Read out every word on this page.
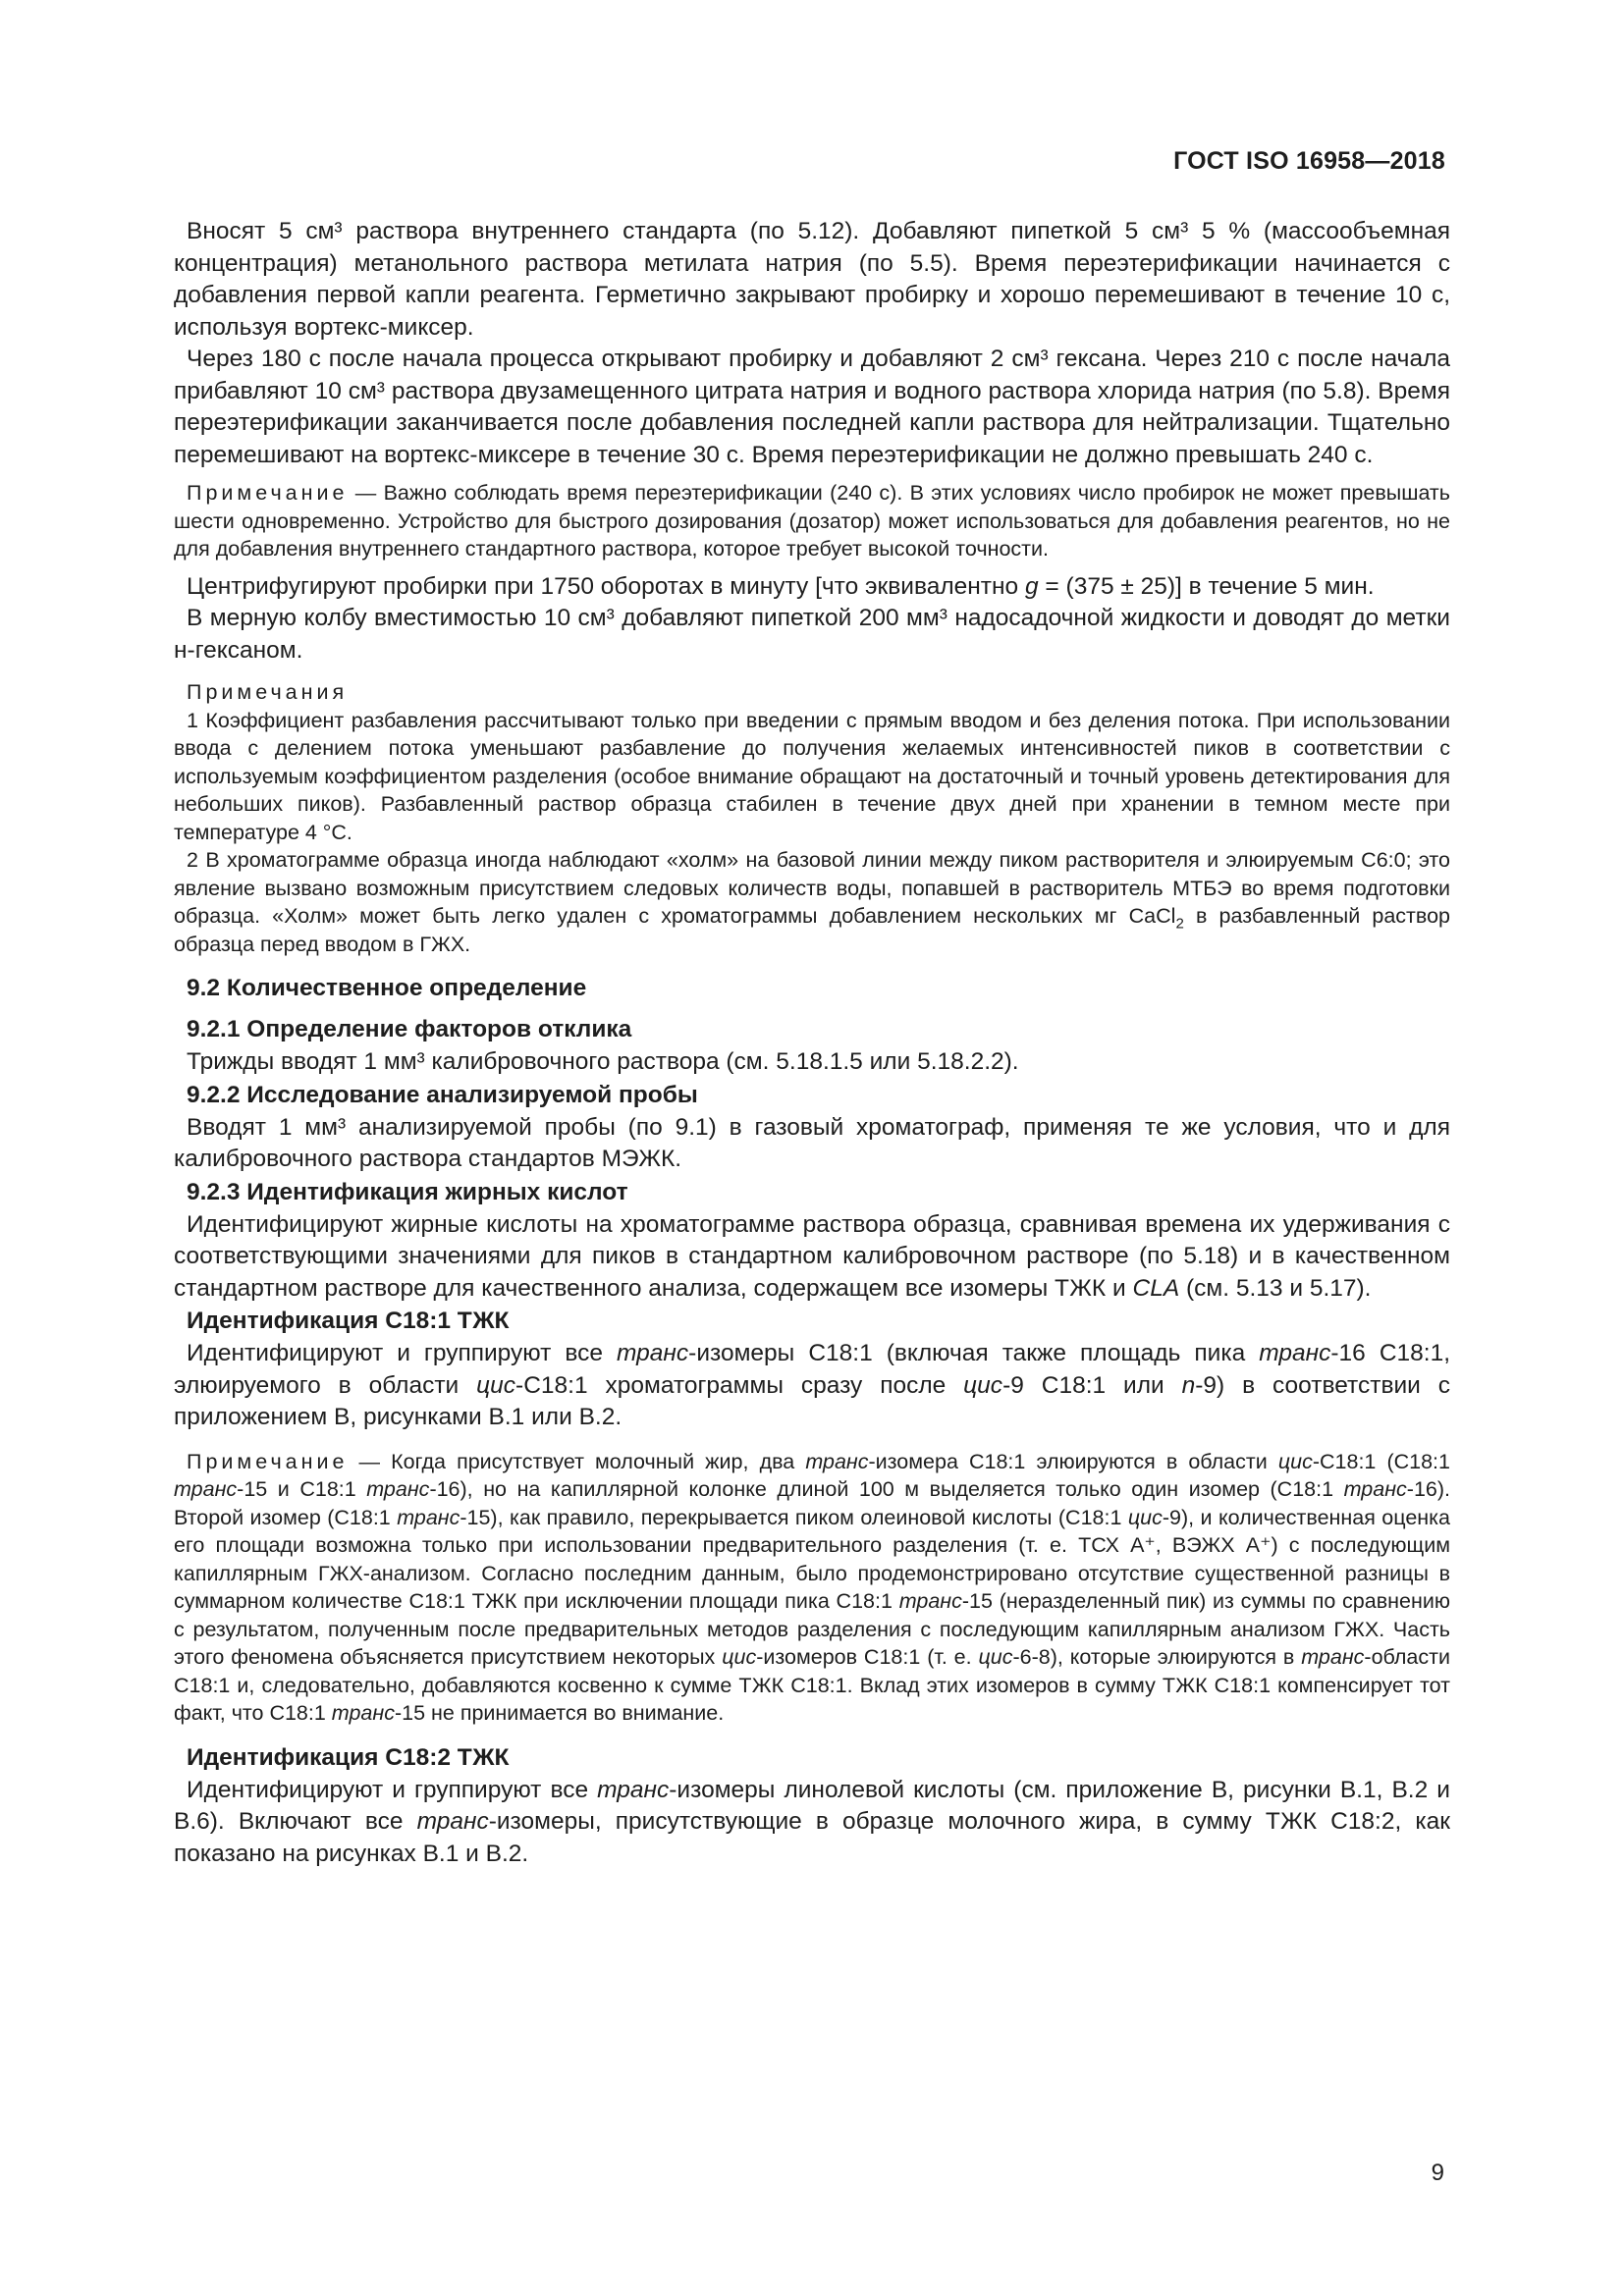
ГОСТ ISO 16958—2018

Вносят 5 см³ раствора внутреннего стандарта (по 5.12). Добавляют пипеткой 5 см³ 5 % (массообъемная концентрация) метанольного раствора метилата натрия (по 5.5). Время переэтерификации начинается с добавления первой капли реагента. Герметично закрывают пробирку и хорошо перемешивают в течение 10 с, используя вортекс-миксер.

Через 180 с после начала процесса открывают пробирку и добавляют 2 см³ гексана. Через 210 с после начала прибавляют 10 см³ раствора двузамещенного цитрата натрия и водного раствора хлорида натрия (по 5.8). Время переэтерификации заканчивается после добавления последней капли раствора для нейтрализации. Тщательно перемешивают на вортекс-миксере в течение 30 с. Время переэтерификации не должно превышать 240 с.

Примечание — Важно соблюдать время переэтерификации (240 с). В этих условиях число пробирок не может превышать шести одновременно. Устройство для быстрого дозирования (дозатор) может использоваться для добавления реагентов, но не для добавления внутреннего стандартного раствора, которое требует высокой точности.

Центрифугируют пробирки при 1750 оборотах в минуту [что эквивалентно g = (375 ± 25)] в течение 5 мин.

В мерную колбу вместимостью 10 см³ добавляют пипеткой 200 мм³ надосадочной жидкости и доводят до метки н-гексаном.

Примечания

1 Коэффициент разбавления рассчитывают только при введении с прямым вводом и без деления потока. При использовании ввода с делением потока уменьшают разбавление до получения желаемых интенсивностей пиков в соответствии с используемым коэффициентом разделения (особое внимание обращают на достаточный и точный уровень детектирования для небольших пиков). Разбавленный раствор образца стабилен в течение двух дней при хранении в темном месте при температуре 4 °С.

2 В хроматограмме образца иногда наблюдают «холм» на базовой линии между пиком растворителя и элюируемым С6:0; это явление вызвано возможным присутствием следовых количеств воды, попавшей в растворитель МТБЭ во время подготовки образца. «Холм» может быть легко удален с хроматограммы добавлением нескольких мг CaCl$_2$ в разбавленный раствор образца перед вводом в ГЖХ.

9.2 Количественное определение
9.2.1 Определение факторов отклика

Трижды вводят 1 мм³ калибровочного раствора (см. 5.18.1.5 или 5.18.2.2).

9.2.2 Исследование анализируемой пробы

Вводят 1 мм³ анализируемой пробы (по 9.1) в газовый хроматограф, применяя те же условия, что и для калибровочного раствора стандартов МЭЖК.

9.2.3 Идентификация жирных кислот

Идентифицируют жирные кислоты на хроматограмме раствора образца, сравнивая времена их удерживания с соответствующими значениями для пиков в стандартном калибровочном растворе (по 5.18) и в качественном стандартном растворе для качественного анализа, содержащем все изомеры ТЖК и CLA (см. 5.13 и 5.17).

Идентификация С18:1 ТЖК

Идентифицируют и группируют все транс-изомеры С18:1 (включая также площадь пика транс-16 С18:1, элюируемого в области цис-С18:1 хроматограммы сразу после цис-9 С18:1 или n-9) в соответствии с приложением В, рисунками В.1 или В.2.

Примечание — Когда присутствует молочный жир, два транс-изомера С18:1 элюируются в области цис-С18:1 (С18:1 транс-15 и С18:1 транс-16), но на капиллярной колонке длиной 100 м выделяется только один изомер (С18:1 транс-16). Второй изомер (С18:1 транс-15), как правило, перекрывается пиком олеиновой кислоты (С18:1 цис-9), и количественная оценка его площади возможна только при использовании предварительного разделения (т. е. ТСХ А⁺, ВЭЖХ А⁺) с последующим капиллярным ГЖХ-анализом. Согласно последним данным, было продемонстрировано отсутствие существенной разницы в суммарном количестве С18:1 ТЖК при исключении площади пика С18:1 транс-15 (неразделенный пик) из суммы по сравнению с результатом, полученным после предварительных методов разделения с последующим капиллярным анализом ГЖХ. Часть этого феномена объясняется присутствием некоторых цис-изомеров С18:1 (т. е. цис-6-8), которые элюируются в транс-области С18:1 и, следовательно, добавляются косвенно к сумме ТЖК С18:1. Вклад этих изомеров в сумму ТЖК С18:1 компенсирует тот факт, что С18:1 транс-15 не принимается во внимание.

Идентификация С18:2 ТЖК

Идентифицируют и группируют все транс-изомеры линолевой кислоты (см. приложение В, рисунки В.1, В.2 и В.6). Включают все транс-изомеры, присутствующие в образце молочного жира, в сумму ТЖК С18:2, как показано на рисунках В.1 и В.2.

9
